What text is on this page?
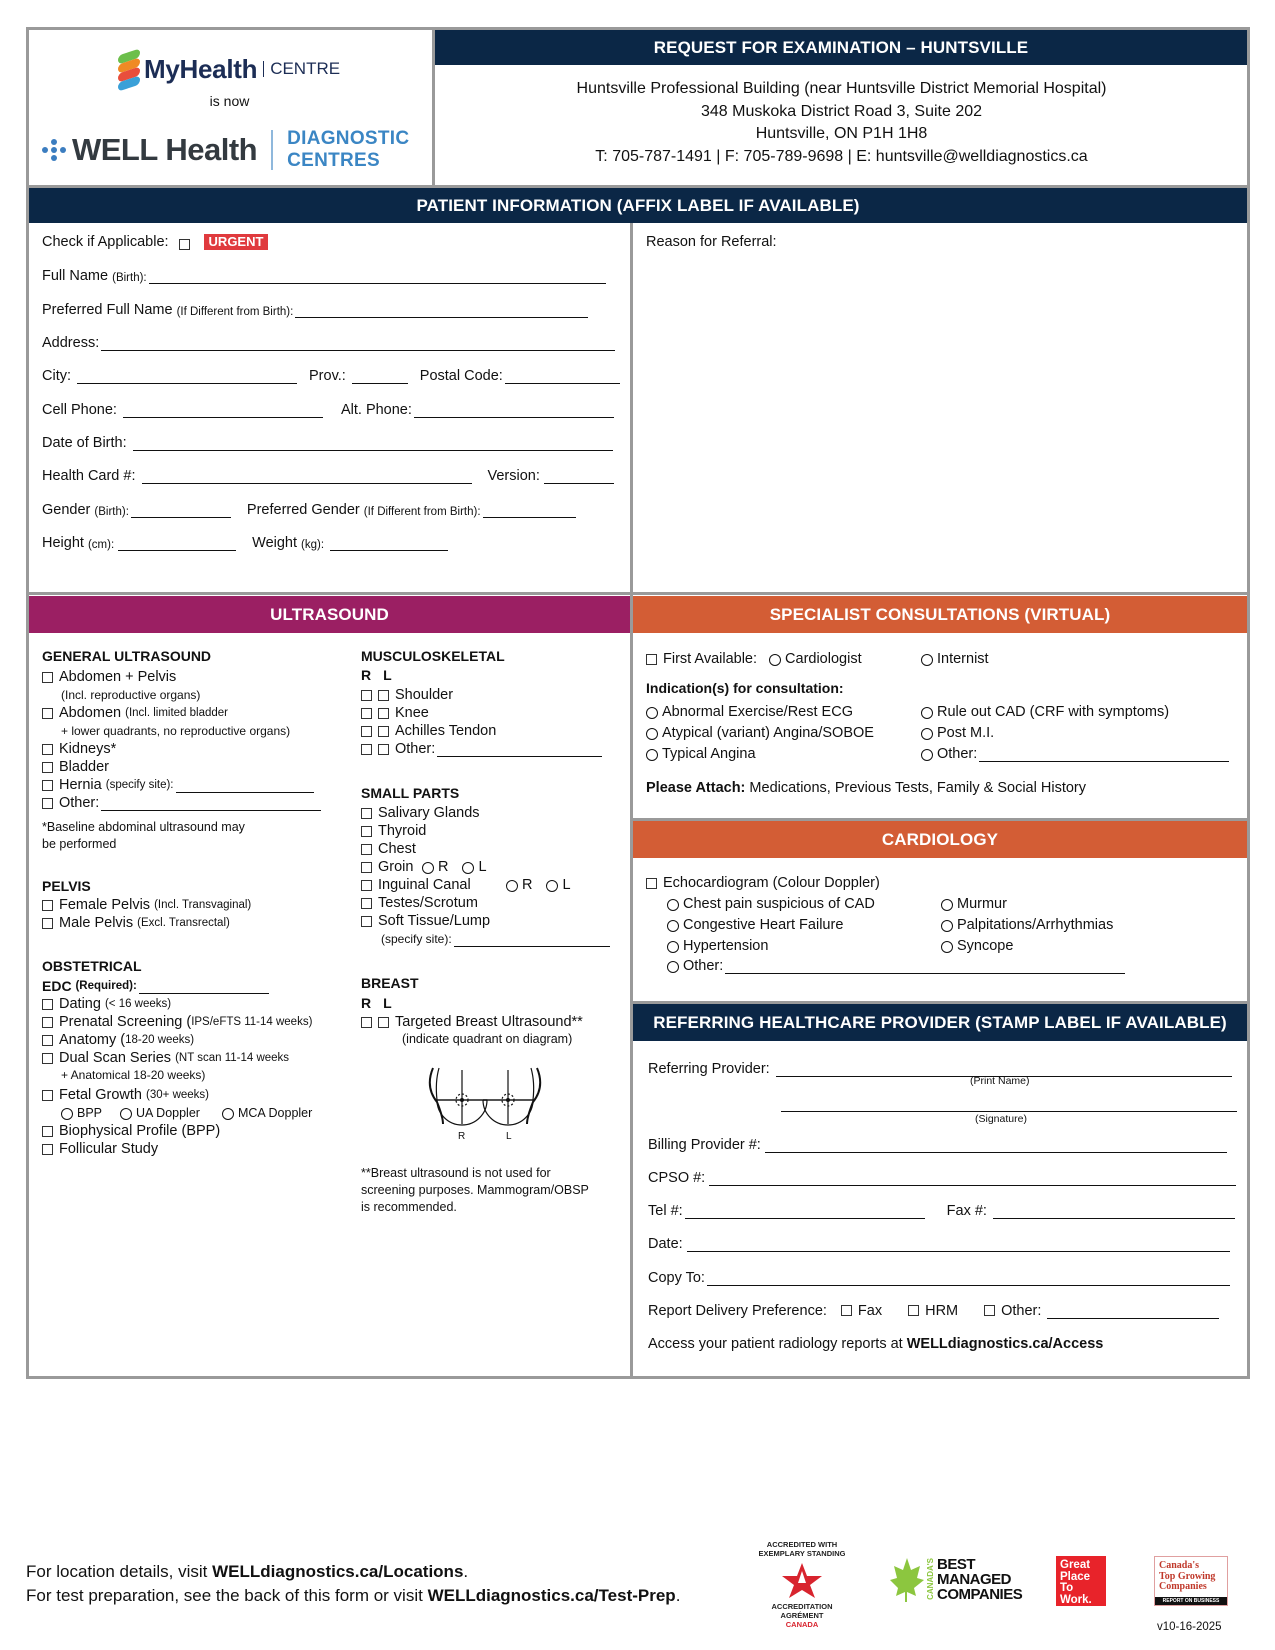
MyHealth CENTRE
is now
WELL Health DIAGNOSTIC
CENTRES
REQUEST FOR EXAMINATION – HUNTSVILLE
Huntsville Professional Building (near Huntsville District Memorial Hospital)
348 Muskoka District Road 3, Suite 202
Huntsville, ON P1H 1H8
T: 705-787-1491 | F: 705-789-9698 | E: huntsville@welldiagnostics.ca
PATIENT INFORMATION (AFFIX LABEL IF AVAILABLE)
Check if Applicable:	URGENT
Full Name
(Birth):
Preferred Full Name
(If Different from Birth):
Address:
City:	Prov.:	Postal Code:
Cell Phone:	Alt. Phone:
Date of Birth:
Health Card #:	Version:
Gender
(Birth):	Preferred Gender
(If Different from Birth):
Height
(cm):	Weight
(kg):
Reason for Referral:
ULTRASOUND
GENERAL ULTRASOUND
Abdomen + Pelvis
(Incl. reproductive organs)
Abdomen
(Incl. limited bladder
+ lower quadrants, no reproductive organs)
Kidneys*
Bladder
Hernia
(specify site):
Other:
*Baseline abdominal ultrasound may
be performed
PELVIS
Female Pelvis
(Incl. Transvaginal)
Male Pelvis
(Excl. Transrectal)
OBSTETRICAL
EDC
(Required):
Dating
(< 16 weeks)
Prenatal Screening ( IPS/eFTS 11-14 weeks)
Anatomy ( 18-20 weeks)
Dual Scan Series
(NT scan 11-14 weeks
+ Anatomical 18-20 weeks)
Fetal Growth
(30+ weeks)
BPP	UA Doppler	MCA Doppler
Biophysical Profile (BPP)
Follicular Study
MUSCULOSKELETAL
R L
Shoulder
Knee
Achilles Tendon
Other:
SMALL PARTS
Salivary Glands
Thyroid
Chest
Groin	R L
Inguinal Canal	R L
Testes/Scrotum
Soft Tissue/Lump
(specify site):
BREAST
R L
Targeted Breast Ultrasound**
(indicate quadrant on diagram)
R	L
**Breast ultrasound is not used for
screening purposes. Mammogram/OBSP
is recommended.
SPECIALIST CONSULTATIONS (VIRTUAL)
First Available: Cardiologist	Internist
Indication(s) for consultation:
Abnormal Exercise/Rest ECG
Atypical (variant) Angina/SOBOE
Typical Angina
Rule out CAD (CRF with symptoms)
Post M.I.
Other:
Please Attach:
Medications, Previous Tests, Family & Social History
CARDIOLOGY
Echocardiogram (Colour Doppler)
Chest pain suspicious of CAD
Congestive Heart Failure
Hypertension
Other:
Murmur
Palpitations/Arrhythmias
Syncope
REFERRING HEALTHCARE PROVIDER (STAMP LABEL IF AVAILABLE)
Referring Provider:
(Print Name)
(Signature)
Billing Provider #:
CPSO #:
Tel #:	Fax #:
Date:
Copy To:
Report Delivery Preference: Fax	HRM	Other:
Access your patient radiology reports at
WELLdiagnostics.ca/Access
For location details, visit WELLdiagnostics.ca/Locations.
For test preparation, see the back of this form or visit WELLdiagnostics.ca/Test-Prep.
ACCREDITED WITH
EXEMPLARY STANDING
ACCREDITATION
AGRÉMENT
CANADA
CANADA'S BEST
MANAGED
COMPANIES
Great
Place
To
Work.
Canada's
Top Growing
Companies
REPORT ON BUSINESS
v10-16-2025
